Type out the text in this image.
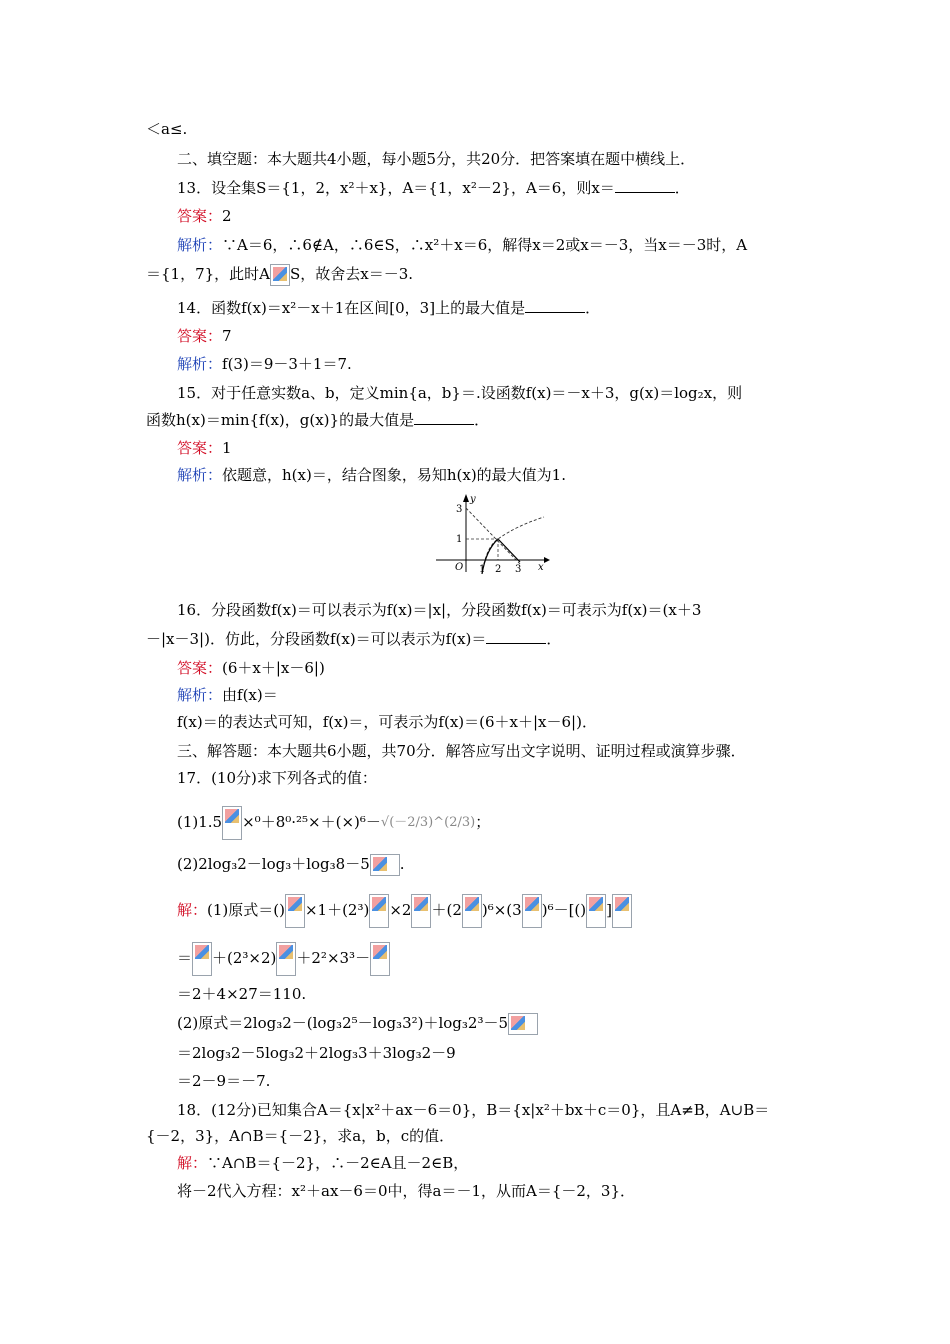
＜a≤.
二、填空题：本大题共4小题，每小题5分，共20分．把答案填在题中横线上．
13．设全集S＝{1，2，x²＋x}，A＝{1，x²－2}，A＝6，则x＝	．
答案：2
解析：∵A＝6，∴6∉A，∴6∈S，∴x²＋x＝6，解得x＝2或x＝－3，当x＝－3时，A
＝{1，7}，此时A S，故舍去x＝－3.
14．函数f(x)＝x²－x＋1在区间[0，3]上的最大值是	．
答案：7
解析：f(3)＝9－3＋1＝7.
15．对于任意实数a、b，定义min{a，b}＝.设函数f(x)＝－x＋3，g(x)＝log₂x，则
函数h(x)＝min{f(x)，g(x)}的最大值是	．
答案：1
解析：依题意，h(x)＝，结合图象，易知h(x)的最大值为1.
y
x
O
3
1
1 2 3
16．分段函数f(x)＝可以表示为f(x)＝|x|，分段函数f(x)＝可表示为f(x)＝(x＋3
－|x－3|)．仿此，分段函数f(x)＝可以表示为f(x)＝	．
答案：(6＋x＋|x－6|)
解析：由f(x)＝
f(x)＝的表达式可知，f(x)＝，可表示为f(x)＝(6＋x＋|x－6|)．
三、解答题：本大题共6小题，共70分．解答应写出文字说明、证明过程或演算步骤．
17．(10分)求下列各式的值：
(1)1.5 ×⁰＋8⁰·²⁵×＋(×)⁶－√(－2/3)^(2/3)；
(2)2log₃2－log₃＋log₃8－5 .
解：(1)原式＝() ×1＋(2³) ×2 ＋(2 )⁶×(3 )⁶－[() ]
＝ ＋(2³×2) ＋2²×3³－
＝2＋4×27＝110.
(2)原式＝2log₃2－(log₃2⁵－log₃3²)＋log₃2³－5
＝2log₃2－5log₃2＋2log₃3＋3log₃2－9
＝2－9＝－7.
18．(12分)已知集合A＝{x|x²＋ax－6＝0}，B＝{x|x²＋bx＋c＝0}，且A≠B，A∪B＝
{－2，3}，A∩B＝{－2}，求a，b，c的值．
解：∵A∩B＝{－2}，∴－2∈A且－2∈B，
将－2代入方程：x²＋ax－6＝0中，得a＝－1，从而A＝{－2，3}．
